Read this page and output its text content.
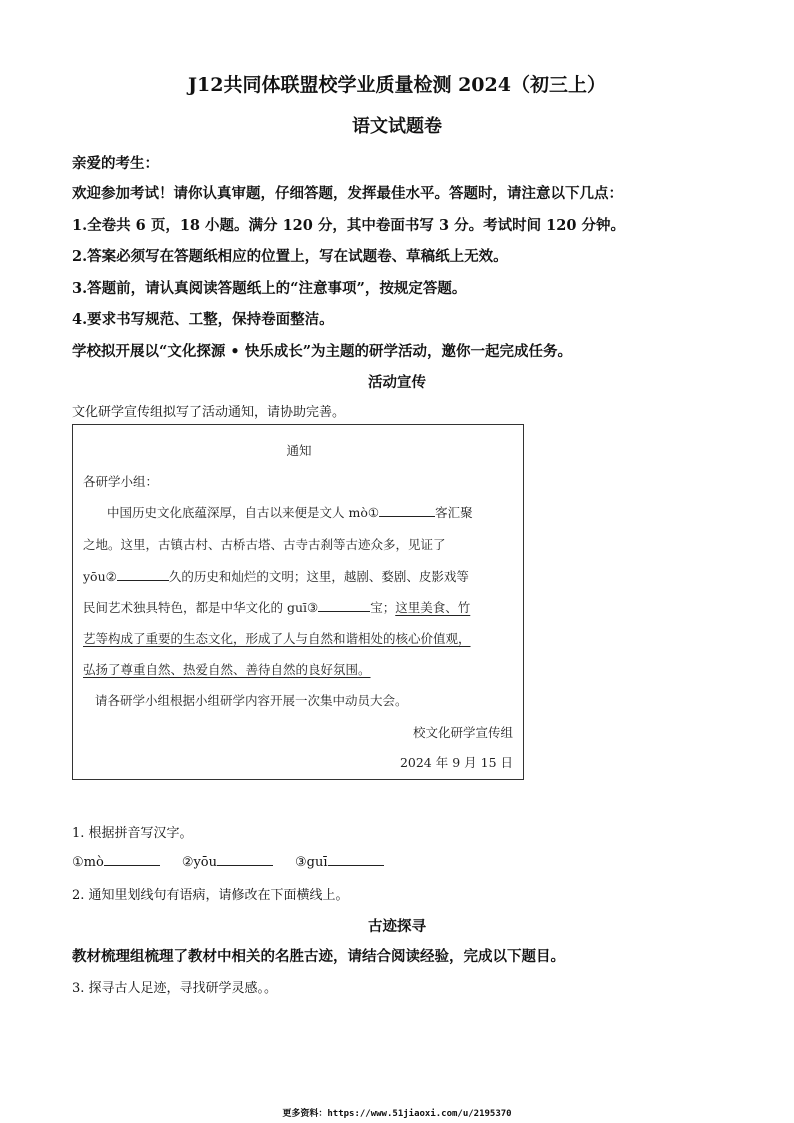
J12共同体联盟校学业质量检测 2024（初三上）
语文试题卷
亲爱的考生：
欢迎参加考试！请你认真审题，仔细答题，发挥最佳水平。答题时，请注意以下几点：
1.全卷共 6 页，18 小题。满分 120 分，其中卷面书写 3 分。考试时间 120 分钟。
2.答案必须写在答题纸相应的位置上，写在试题卷、草稿纸上无效。
3.答题前，请认真阅读答题纸上的“注意事项”，按规定答题。
4.要求书写规范、工整，保持卷面整洁。
学校拟开展以“文化探源 • 快乐成长”为主题的研学活动，邀你一起完成任务。
活动宣传
文化研学宣传组拟写了活动通知，请协助完善。
通知
各研学小组：
中国历史文化底蕴深厚，自古以来便是文人 mò①	客汇聚
之地。这里，古镇古村、古桥古塔、古寺古刹等古迹众多，见证了
yōu②	久的历史和灿烂的文明；这里，越剧、婺剧、皮影戏等
民间艺术独具特色，都是中华文化的 guī③	宝；这里美食、竹
艺等构成了重要的生态文化，形成了人与自然和谐相处的核心价值观，
弘扬了尊重自然、热爱自然、善待自然的良好氛围。
请各研学小组根据小组研学内容开展一次集中动员大会。
校文化研学宣传组
2024 年 9 月 15 日
1. 根据拼音写汉字。
①mò	②yōu	③guī
2. 通知里划线句有语病，请修改在下面横线上。
古迹探寻
教材梳理组梳理了教材中相关的名胜古迹，请结合阅读经验，完成以下题目。
3. 探寻古人足迹，寻找研学灵感。。
更多资料：https://www.51jiaoxi.com/u/2195370
